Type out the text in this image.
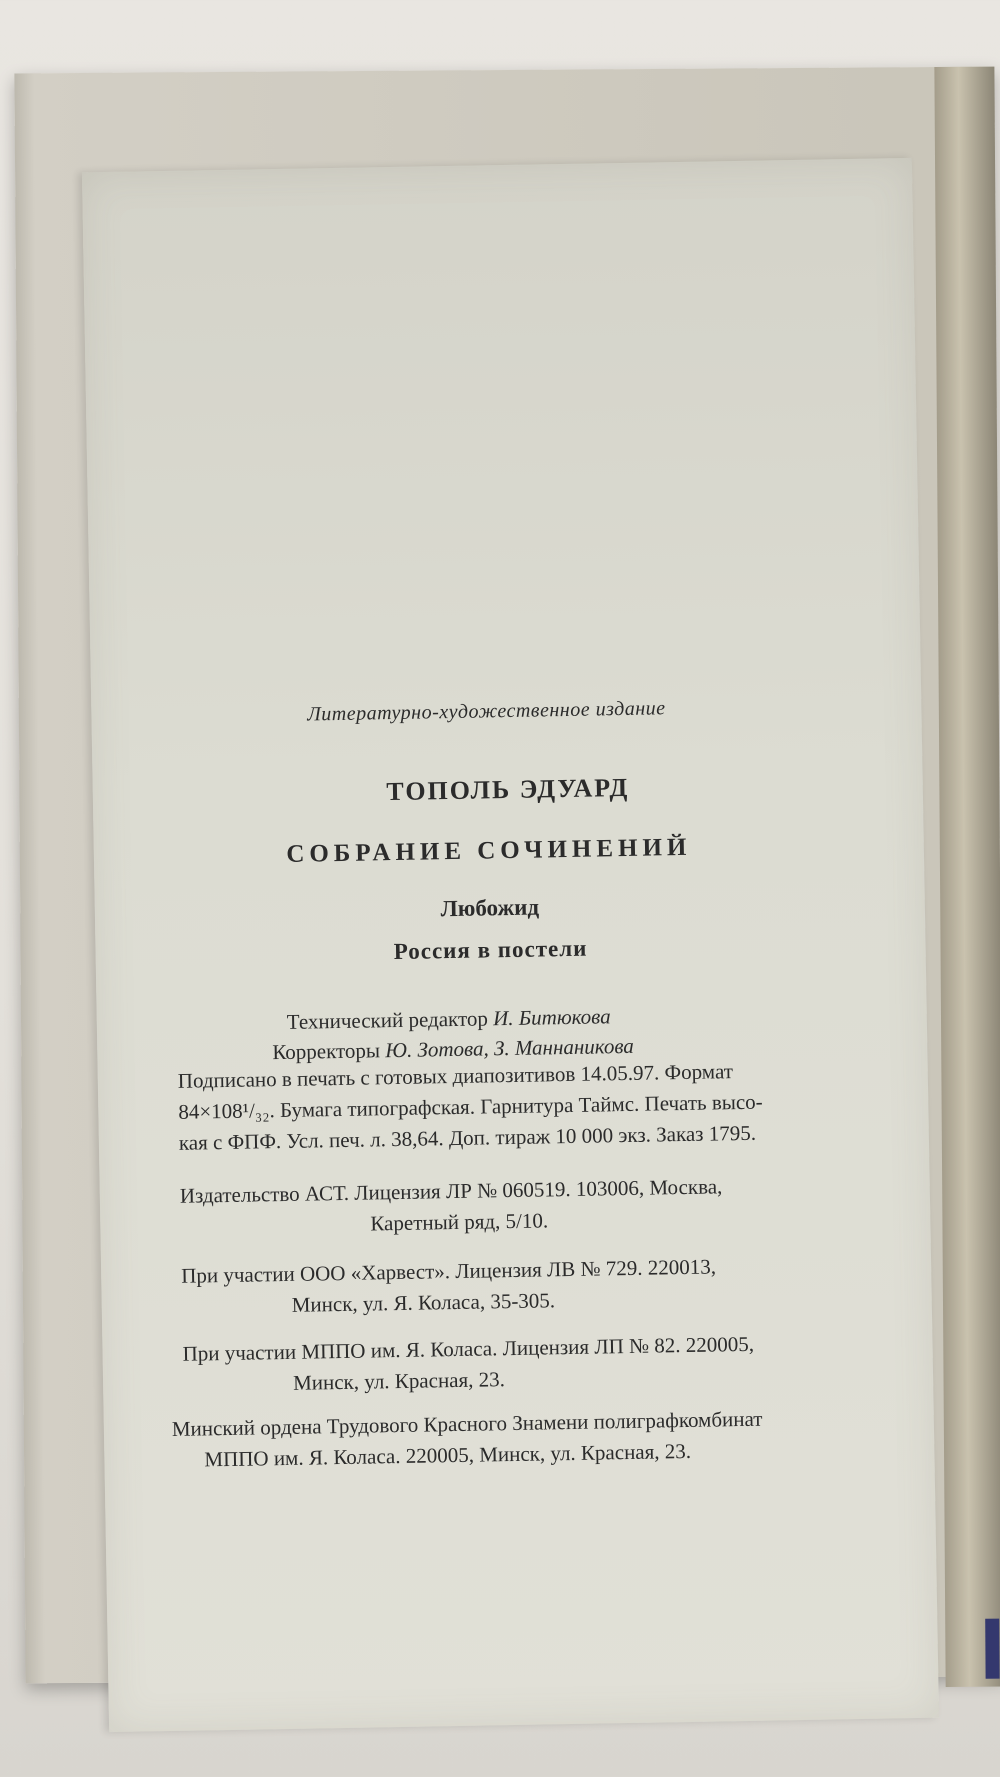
Литературно-художественное издание
ТОПОЛЬ ЭДУАРД
СОБРАНИЕ СОЧИНЕНИЙ
Любожид
Россия в постели
Технический редактор И. Битюкова
Корректоры Ю. Зотова, З. Маннаникова
Подписано в печать с готовых диапозитивов 14.05.97. Формат
84×108¹/₃₂. Бумага типографская. Гарнитура Таймс. Печать высо-
кая с ФПФ. Усл. печ. л. 38,64. Доп. тираж 10 000 экз. Заказ 1795.
Издательство АСТ. Лицензия ЛР № 060519. 103006, Москва,
Каретный ряд, 5/10.
При участии ООО «Харвест». Лицензия ЛВ № 729. 220013,
Минск, ул. Я. Коласа, 35-305.
При участии МППО им. Я. Коласа. Лицензия ЛП № 82. 220005,
Минск, ул. Красная, 23.
Минский ордена Трудового Красного Знамени полиграфкомбинат
МППО им. Я. Коласа. 220005, Минск, ул. Красная, 23.
